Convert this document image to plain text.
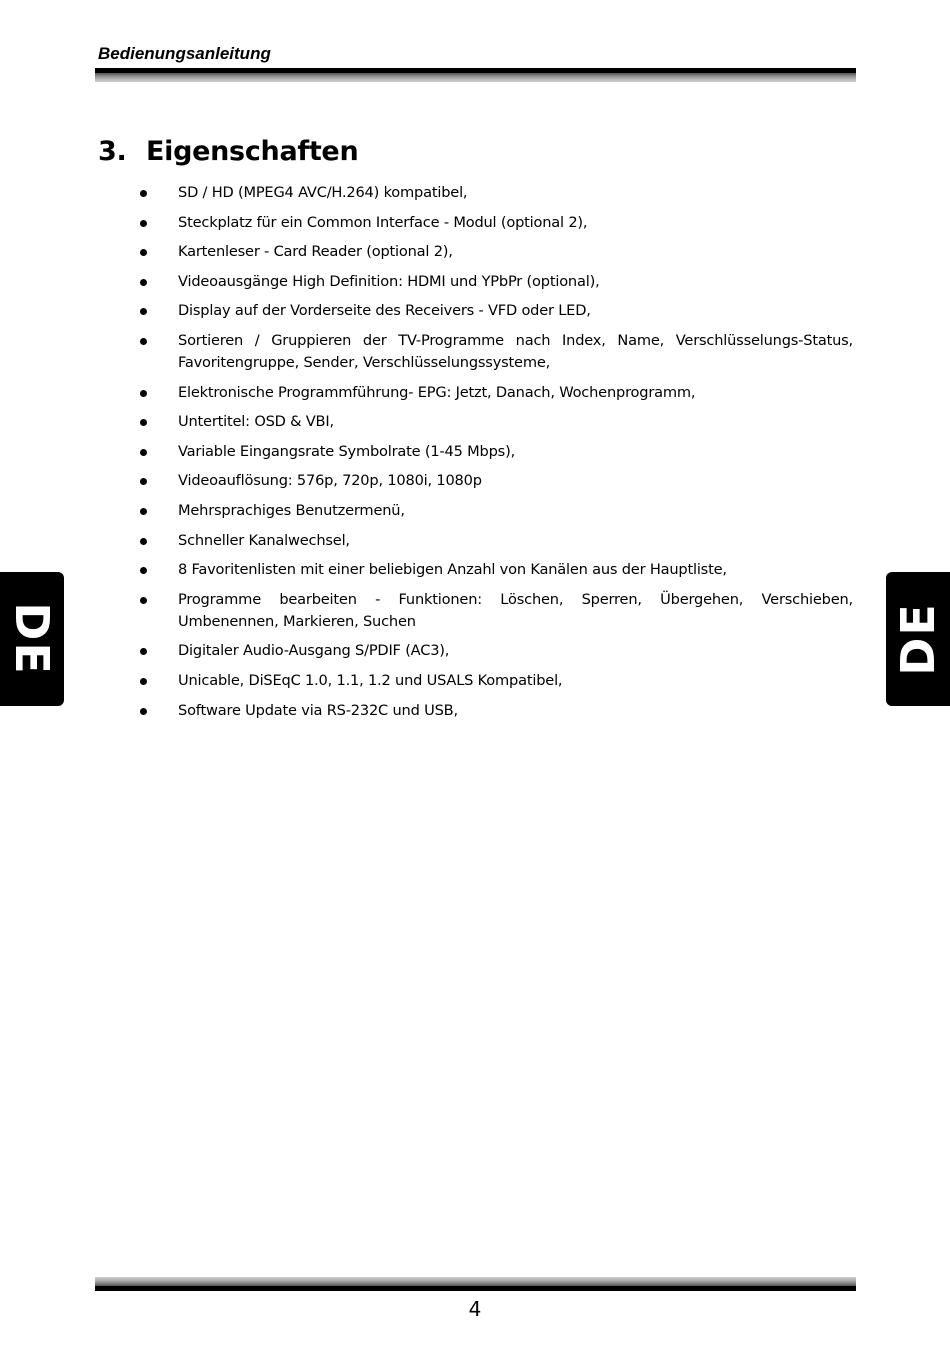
Bedienungsanleitung
3. Eigenschaften
SD / HD (MPEG4 AVC/H.264) kompatibel,
Steckplatz für ein Common Interface - Modul (optional 2),
Kartenleser - Card Reader (optional 2),
Videoausgänge High Definition: HDMI und YPbPr (optional),
Display auf der Vorderseite des Receivers - VFD oder LED,
Sortieren / Gruppieren der TV-Programme nach Index, Name, Verschlüsselungs-Status, Favoritengruppe, Sender, Verschlüsselungssysteme,
Elektronische Programmführung- EPG: Jetzt, Danach, Wochenprogramm,
Untertitel: OSD & VBI,
Variable Eingangsrate Symbolrate (1-45 Mbps),
Videoauflösung: 576p, 720p, 1080i, 1080p
Mehrsprachiges Benutzermenü,
Schneller Kanalwechsel,
8 Favoritenlisten mit einer beliebigen Anzahl von Kanälen aus der Hauptliste,
Programme bearbeiten - Funktionen: Löschen, Sperren, Übergehen, Verschieben, Umbenennen, Markieren, Suchen
Digitaler Audio-Ausgang S/PDIF (AC3),
Unicable, DiSEqC 1.0, 1.1, 1.2 und USALS Kompatibel,
Software Update via RS-232C und USB,
DE	DE
4
